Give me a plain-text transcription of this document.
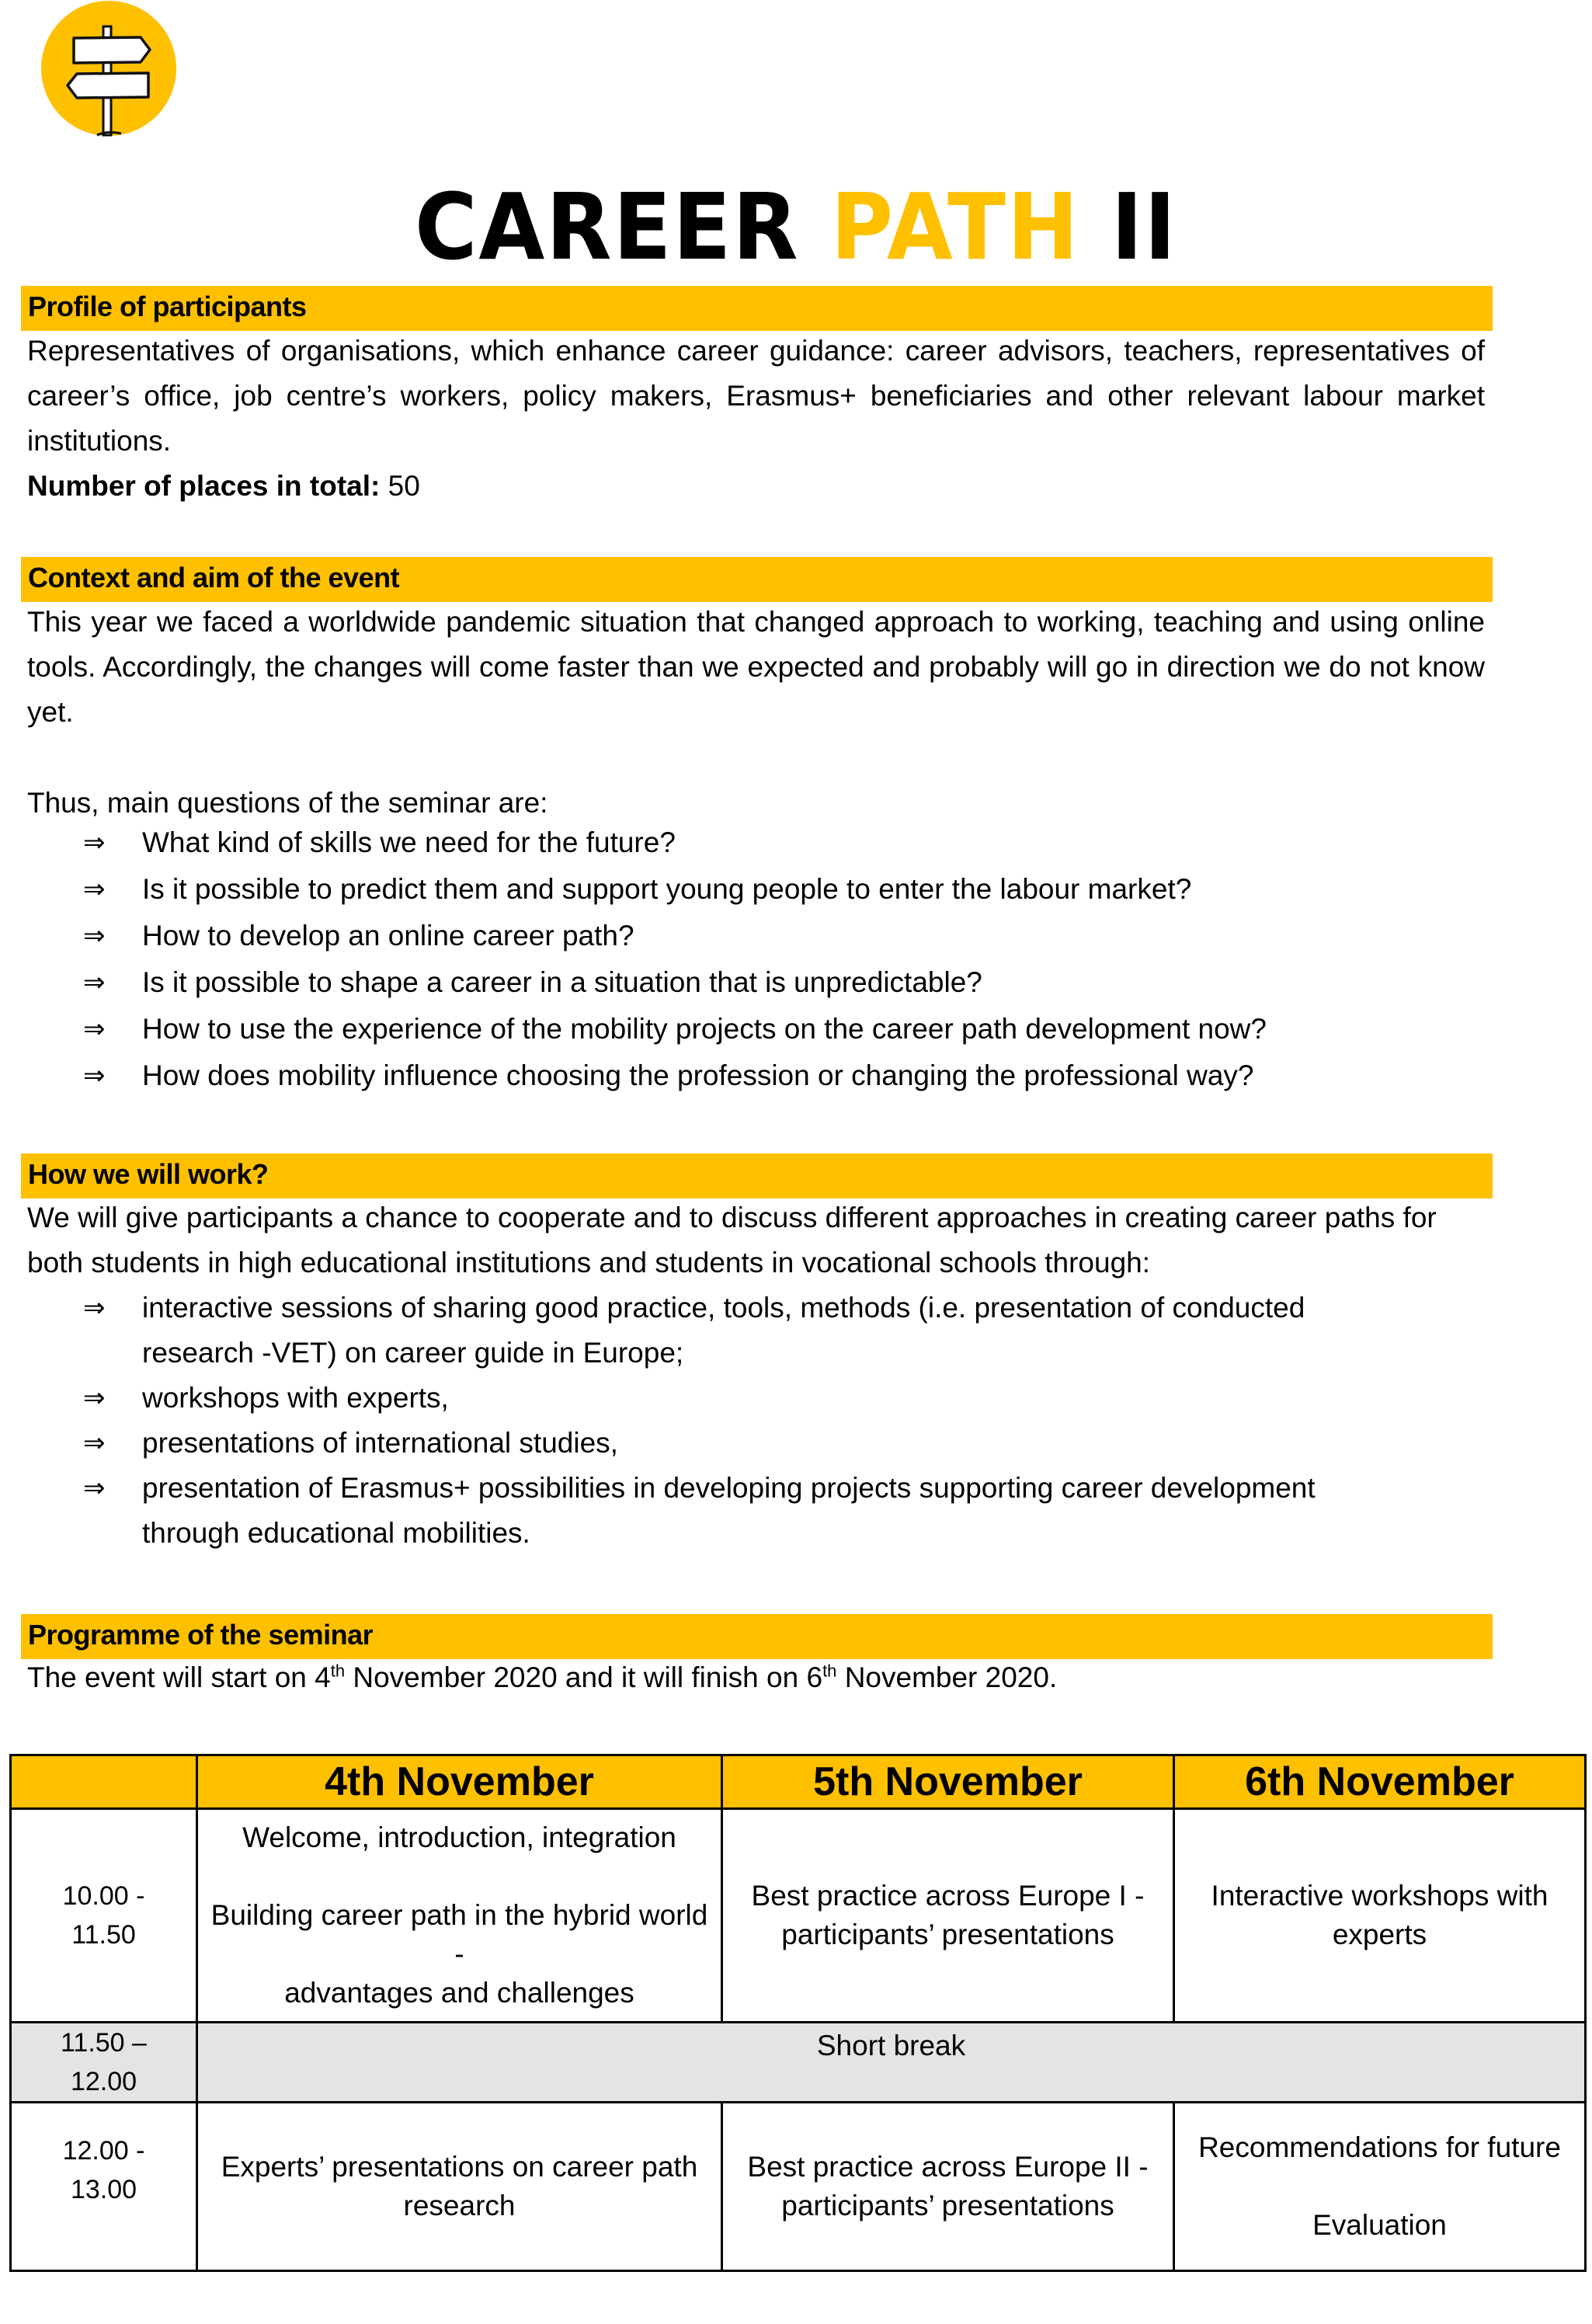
CAREER PATH II
Profile of participants
Representatives of organisations, which enhance career guidance: career advisors, teachers, representatives of career’s office, job centre’s workers, policy makers, Erasmus+ beneficiaries and other relevant labour market institutions.
Number of places in total: 50
Context and aim of the event
This year we faced a worldwide pandemic situation that changed approach to working, teaching and using online tools. Accordingly, the changes will come faster than we expected and probably will go in direction we do not know yet.
Thus, main questions of the seminar are:
⇒ What kind of skills we need for the future?
⇒ Is it possible to predict them and support young people to enter the labour market?
⇒ How to develop an online career path?
⇒ Is it possible to shape a career in a situation that is unpredictable?
⇒ How to use the experience of the mobility projects on the career path development now?
⇒ How does mobility influence choosing the profession or changing the professional way?
How we will work?
We will give participants a chance to cooperate and to discuss different approaches in creating career paths for both students in high educational institutions and students in vocational schools through:
⇒ interactive sessions of sharing good practice, tools, methods (i.e. presentation of conducted research -VET) on career guide in Europe;
⇒ workshops with experts,
⇒ presentations of international studies,
⇒ presentation of Erasmus+ possibilities in developing projects supporting career development through educational mobilities.
Programme of the seminar
The event will start on 4th November 2020 and it will finish on 6th November 2020.
	4th November	5th November	6th November

10.00 -
11.50	Welcome, introduction, integration
Building career path in the hybrid world -
advantages and challenges	Best practice across Europe I - participants’ presentations	Interactive workshops with experts

11.50 –
12.00	Short break		

12.00 -
13.00	Experts’ presentations on career path research	Best practice across Europe II - participants’ presentations	Recommendations for future
Evaluation
